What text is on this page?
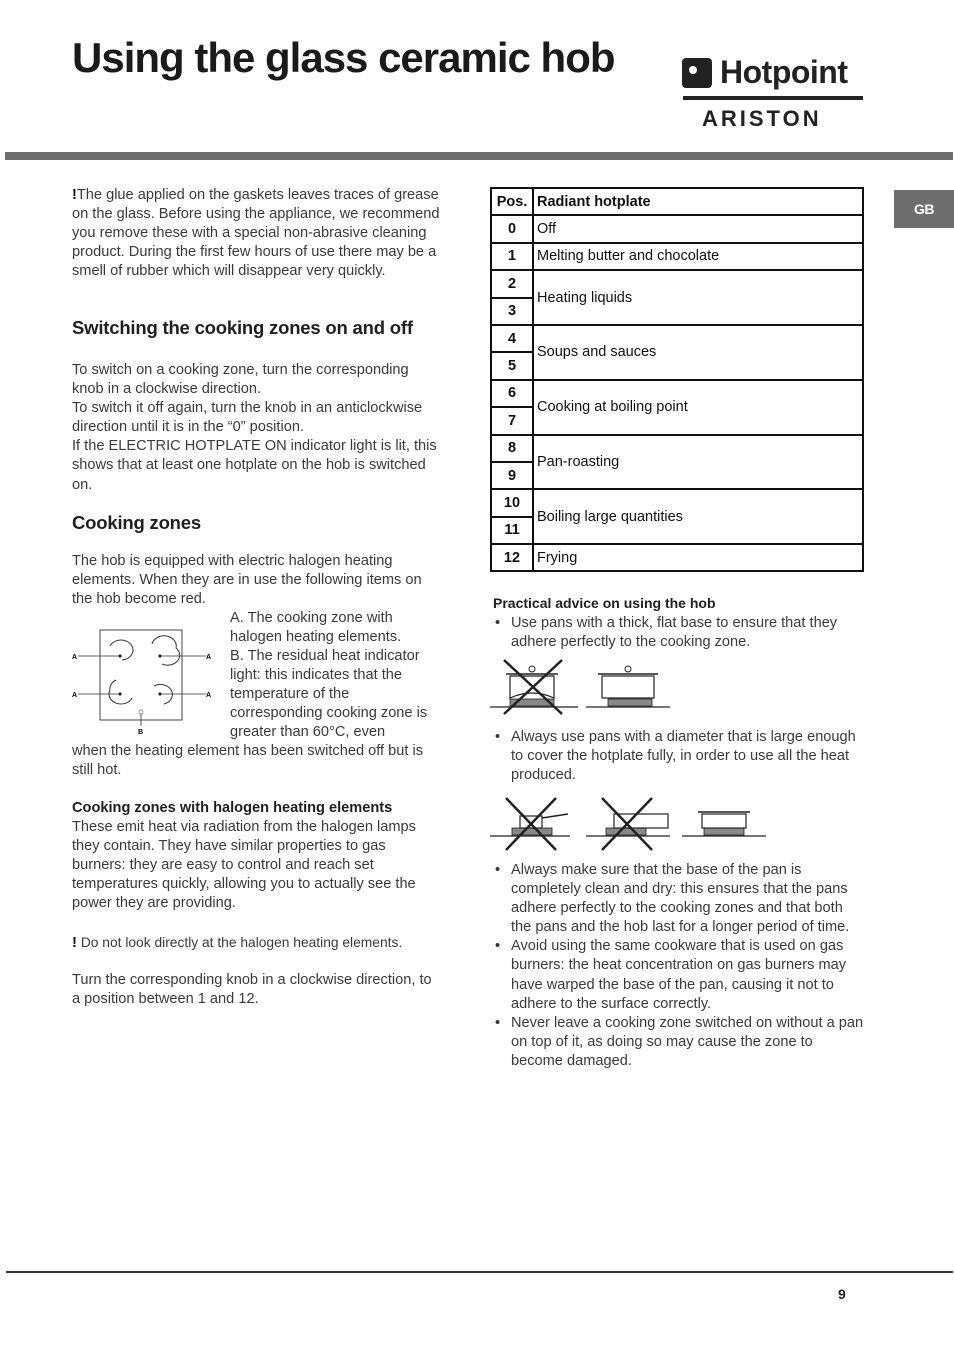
Using the glass ceramic hob	Hotpoint
ARISTON
GB

!The glue applied on the gaskets leaves traces of grease on the glass. Before using the appliance, we recommend you remove these with a special non-abrasive cleaning product. During the first few hours of use there may be a smell of rubber which will disappear very quickly.

Switching the cooking zones on and off

To switch on a cooking zone, turn the corresponding knob in a clockwise direction.

To switch it off again, turn the knob in an anticlockwise direction until it is in the “0” position.

If the ELECTRIC HOTPLATE ON indicator light is lit, this shows that at least one hotplate on the hob is switched on.

Cooking zones

The hob is equipped with electric halogen heating elements. When they are in use the following items on the hob become red.

A	A
A	A
B

A. The cooking zone with halogen heating elements.

B. The residual heat indicator light: this indicates that the temperature of the corresponding cooking zone is greater than 60°C, even

when the heating element has been switched off but is still hot.

Cooking zones with halogen heating elements

These emit heat via radiation from the halogen lamps they contain. They have similar properties to gas burners: they are easy to control and reach set temperatures quickly, allowing you to actually see the power they are providing.

! Do not look directly at the halogen heating elements.

Turn the corresponding knob in a clockwise direction, to a position between 1 and 12.

Pos.	Radiant hotplate
0	Off
1	Melting butter and chocolate
2	Heating liquids
3	
4	Soups and sauces
5	
6	Cooking at boiling point
7	
8	Pan-roasting
9	
10	Boiling large quantities
11	
12	Frying
Practical advice on using the hob
• Use pans with a thick, flat base to ensure that they adhere perfectly to the cooking zone.
• Always use pans with a diameter that is large enough to cover the hotplate fully, in order to use all the heat produced.
• Always make sure that the base of the pan is completely clean and dry: this ensures that the pans adhere perfectly to the cooking zones and that both the pans and the hob last for a longer period of time.
• Avoid using the same cookware that is used on gas burners: the heat concentration on gas burners may have warped the base of the pan, causing it not to adhere to the surface correctly.
• Never leave a cooking zone switched on without a pan on top of it, as doing so may cause the zone to become damaged.
9
